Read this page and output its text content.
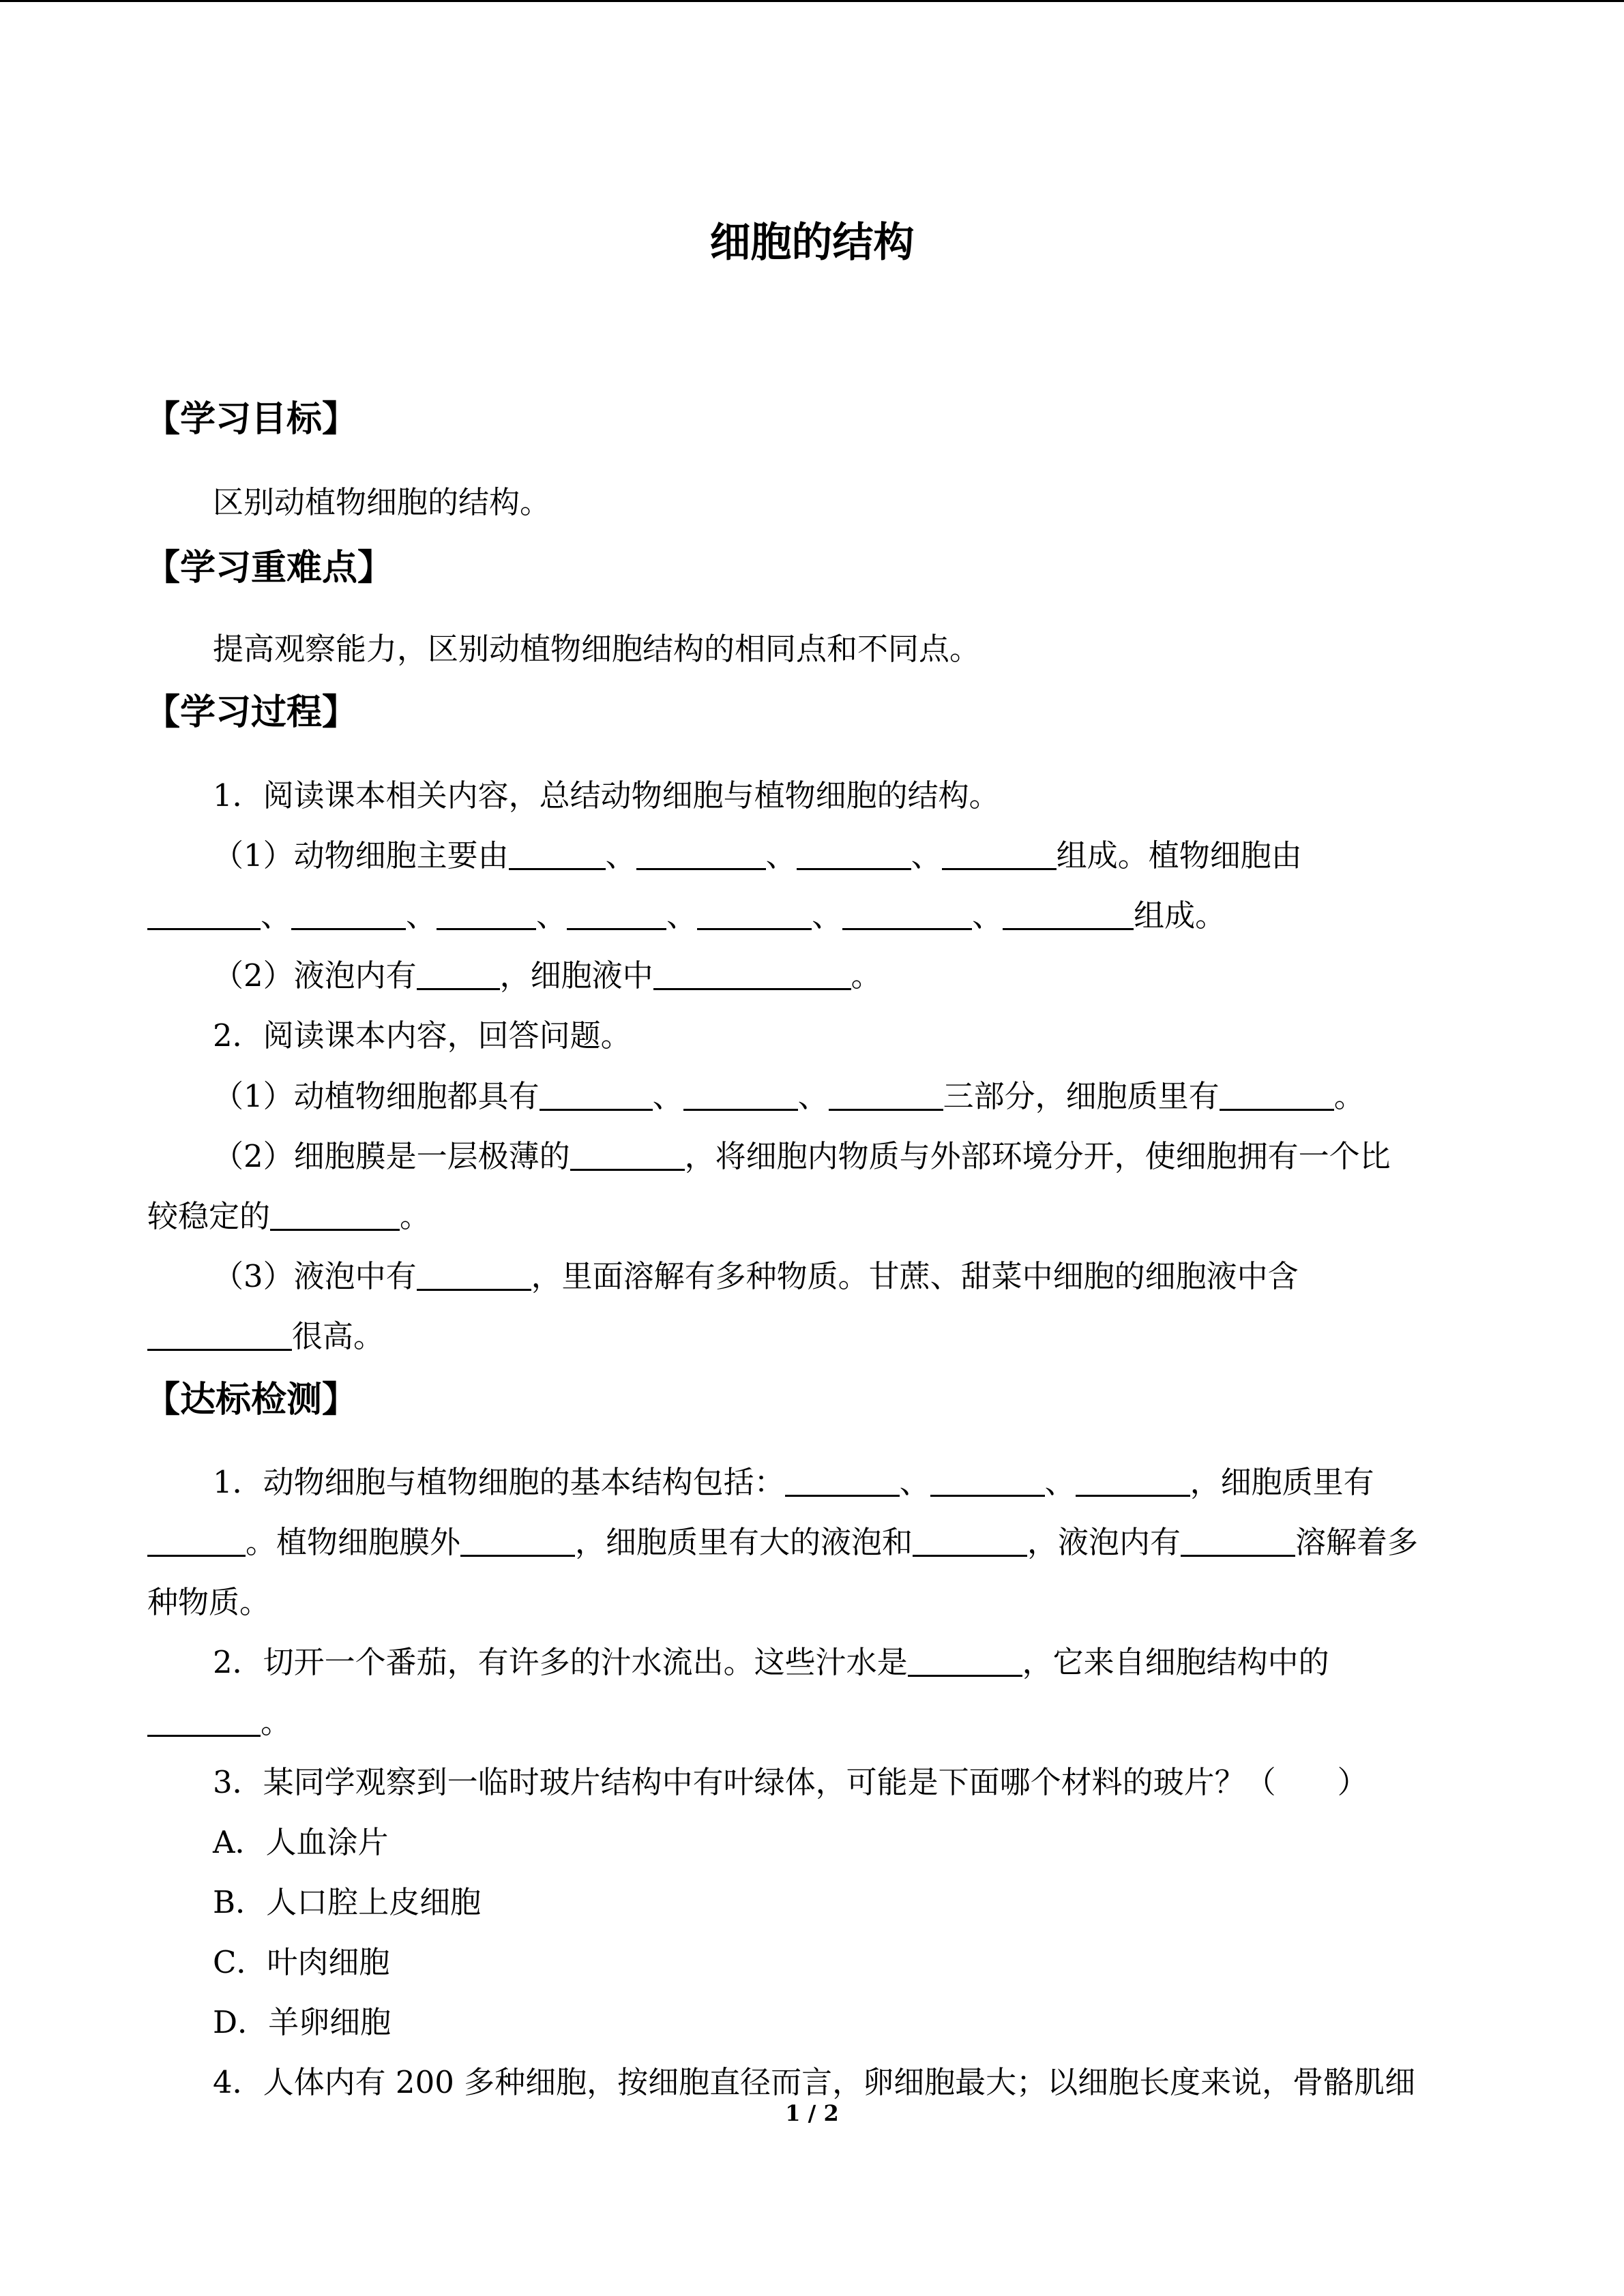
细胞的结构
【学习目标】
区别动植物细胞的结构。
【学习重难点】
提高观察能力，区别动植物细胞结构的相同点和不同点。
【学习过程】
1．阅读课本相关内容，总结动物细胞与植物细胞的结构。
（1）动物细胞主要由	、	、	、	组成。植物细胞由
、	、	、	、	、	、	组成。
（2）液泡内有	，细胞液中	。
2．阅读课本内容，回答问题。
（1）动植物细胞都具有	、	、	三部分，细胞质里有	。
（2）细胞膜是一层极薄的	，将细胞内物质与外部环境分开，使细胞拥有一个比
较稳定的	。
（3）液泡中有	，里面溶解有多种物质。甘蔗、甜菜中细胞的细胞液中含
很高。
【达标检测】
1．动物细胞与植物细胞的基本结构包括：	、	、	，细胞质里有
。植物细胞膜外	，细胞质里有大的液泡和	，液泡内有	溶解着多
种物质。
2．切开一个番茄，有许多的汁水流出。这些汁水是	，它来自细胞结构中的
。
3．某同学观察到一临时玻片结构中有叶绿体，可能是下面哪个材料的玻片？（　　）
A．人血涂片
B．人口腔上皮细胞
C．叶肉细胞
D．羊卵细胞
4．人体内有 200 多种细胞，按细胞直径而言，卵细胞最大；以细胞长度来说，骨骼肌细
1 / 2
